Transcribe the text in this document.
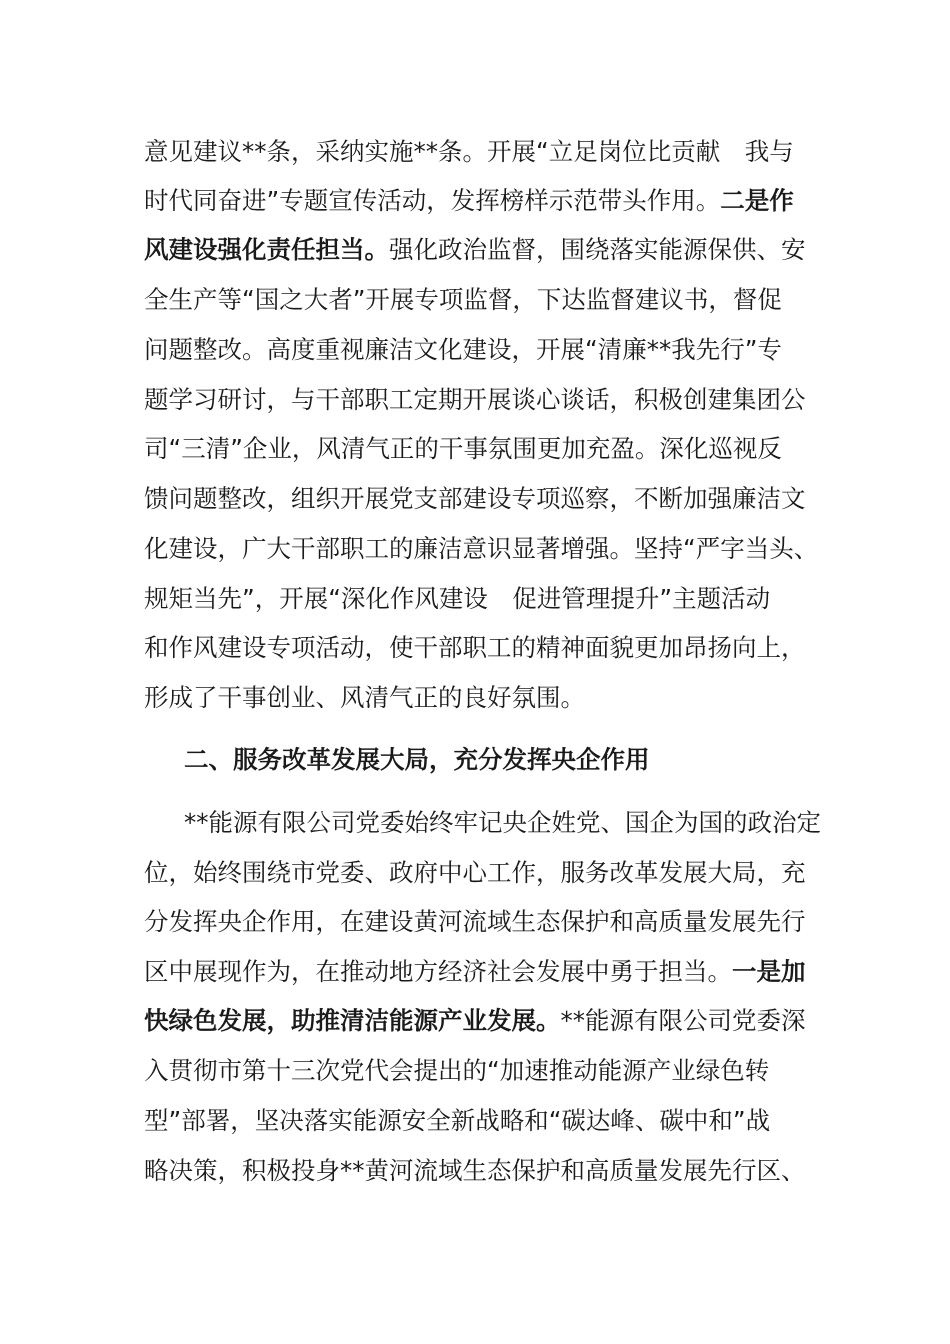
意见建议**条，采纳实施**条。开展“立足岗位比贡献　我与
时代同奋进”专题宣传活动，发挥榜样示范带头作用。二是作
风建设强化责任担当。强化政治监督，围绕落实能源保供、安
全生产等“国之大者”开展专项监督，下达监督建议书，督促
问题整改。高度重视廉洁文化建设，开展“清廉**我先行”专
题学习研讨，与干部职工定期开展谈心谈话，积极创建集团公
司“三清”企业，风清气正的干事氛围更加充盈。深化巡视反
馈问题整改，组织开展党支部建设专项巡察，不断加强廉洁文
化建设，广大干部职工的廉洁意识显著增强。坚持“严字当头、
规矩当先”，开展“深化作风建设　促进管理提升”主题活动
和作风建设专项活动，使干部职工的精神面貌更加昂扬向上，
形成了干事创业、风清气正的良好氛围。
二、服务改革发展大局，充分发挥央企作用
**能源有限公司党委始终牢记央企姓党、国企为国的政治定
位，始终围绕市党委、政府中心工作，服务改革发展大局，充
分发挥央企作用，在建设黄河流域生态保护和高质量发展先行
区中展现作为，在推动地方经济社会发展中勇于担当。一是加
快绿色发展，助推清洁能源产业发展。**能源有限公司党委深
入贯彻市第十三次党代会提出的“加速推动能源产业绿色转
型”部署，坚决落实能源安全新战略和“碳达峰、碳中和”战
略决策，积极投身**黄河流域生态保护和高质量发展先行区、
